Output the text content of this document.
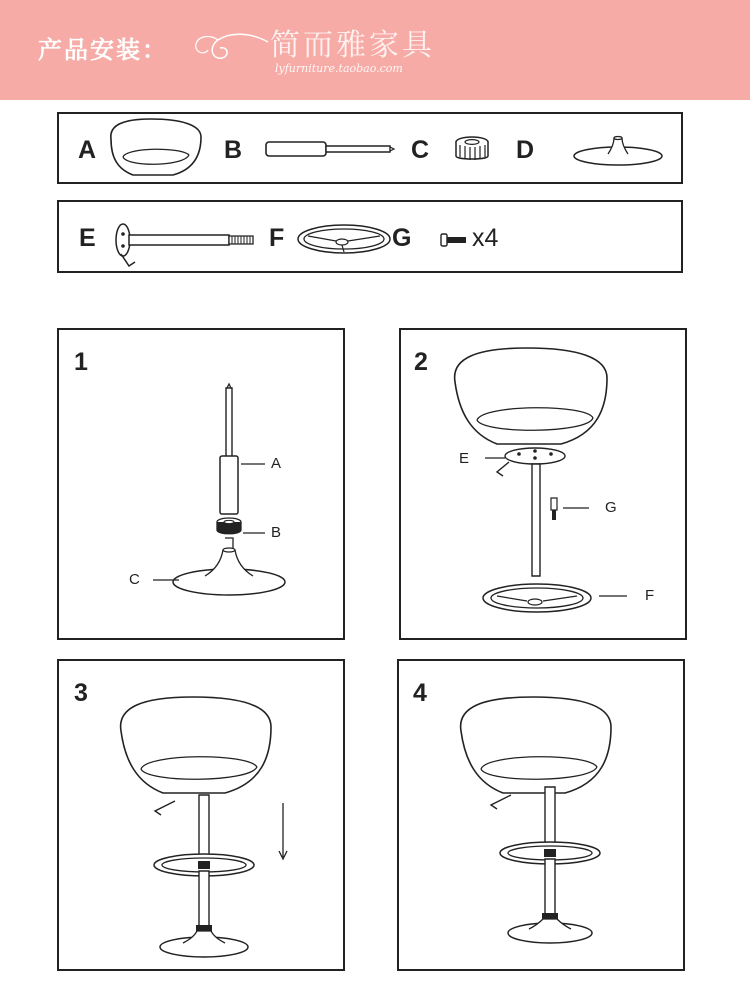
产品安装：	简而雅家具
lyfurniture.taobao.com
A	B	C	D
E	F	G x4
1
A
B
C
2
E
G
F
3	4
